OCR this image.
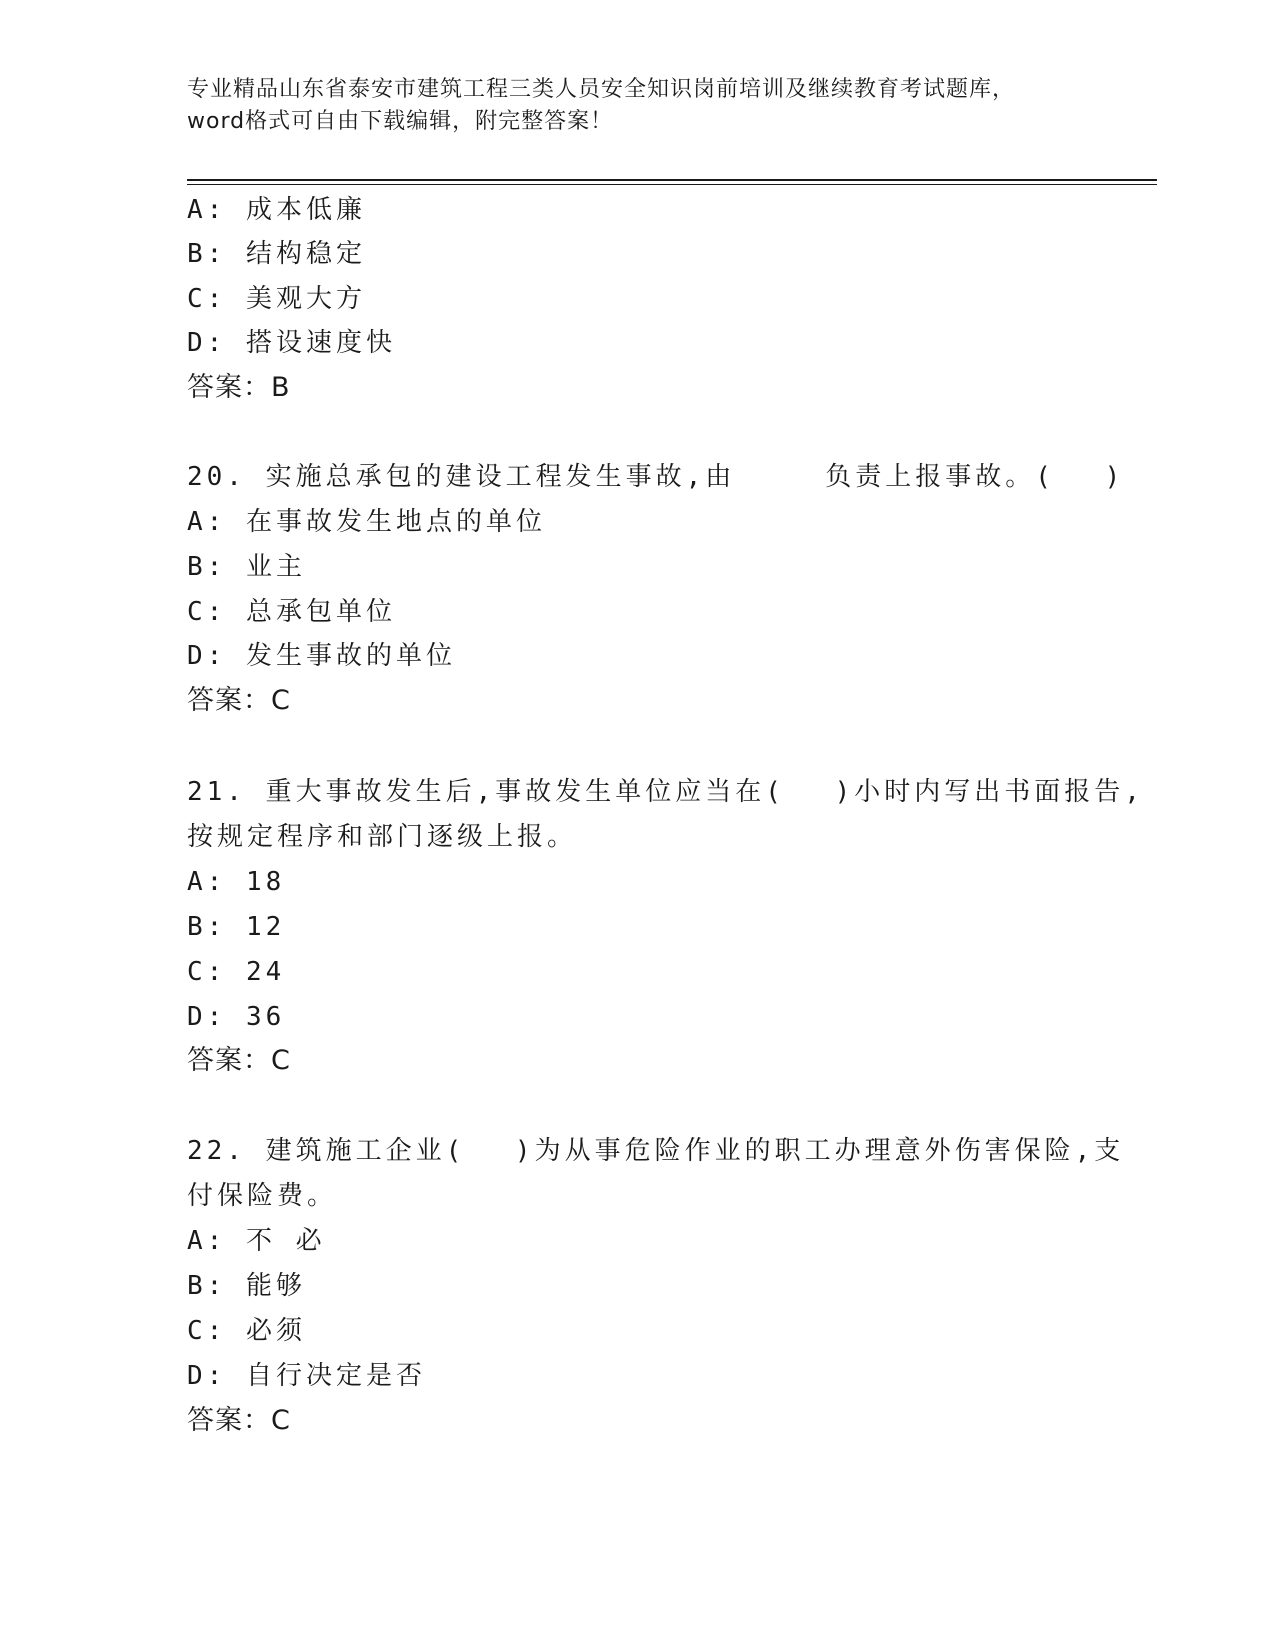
专业精品山东省泰安市建筑工程三类人员安全知识岗前培训及继续教育考试题库，
word格式可自由下载编辑，附完整答案！
A: 成本低廉
B: 结构稳定
C: 美观大方
D: 搭设速度快
答案：B
20. 实施总承包的建设工程发生事故,由　　　负责上报事故。(　 )
A: 在事故发生地点的单位
B: 业主
C: 总承包单位
D: 发生事故的单位
答案：C
21. 重大事故发生后,事故发生单位应当在(　 )小时内写出书面报告,
按规定程序和部门逐级上报。
A: 18
B: 12
C: 24
D: 36
答案：C
22. 建筑施工企业(　 )为从事危险作业的职工办理意外伤害保险,支
付保险费。
A: 不 必
B: 能够
C: 必须
D: 自行决定是否
答案：C
